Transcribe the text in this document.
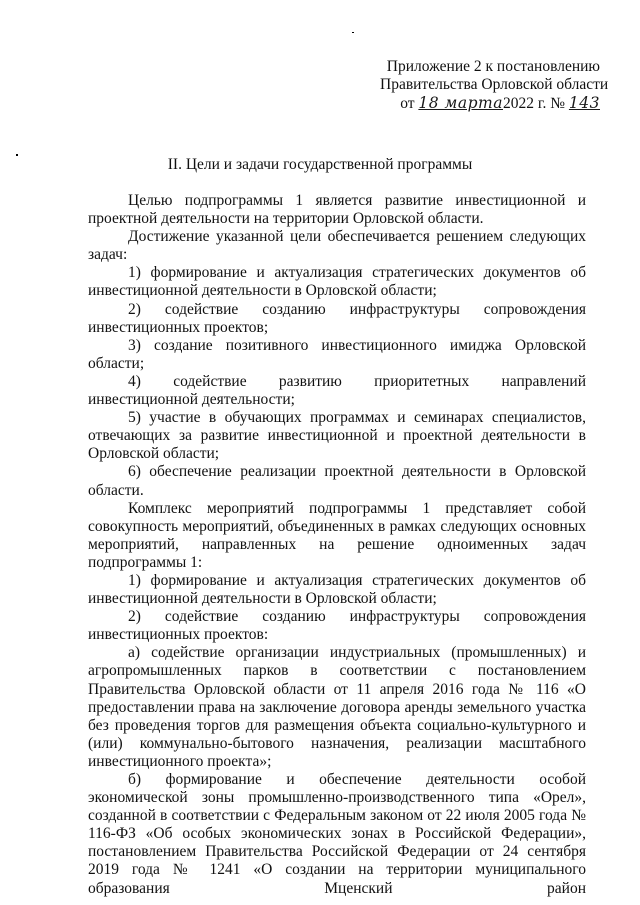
Приложение 2 к постановлению
Правительства Орловской области
от 18 марта2022 г. № 143
II. Цели и задачи государственной программы

Целью подпрограммы 1 является развитие инвестиционной и проектной деятельности на территории Орловской области.

Достижение указанной цели обеспечивается решением следующих задач:

1) формирование и актуализация стратегических документов об инвестиционной деятельности в Орловской области;

2) содействие созданию инфраструктуры сопровождения инвестиционных проектов;

3) создание позитивного инвестиционного имиджа Орловской области;

4) содействие развитию приоритетных направлений инвестиционной деятельности;

5) участие в обучающих программах и семинарах специалистов, отвечающих за развитие инвестиционной и проектной деятельности в Орловской области;

6) обеспечение реализации проектной деятельности в Орловской области.

Комплекс мероприятий подпрограммы 1 представляет собой совокупность мероприятий, объединенных в рамках следующих основных мероприятий, направленных на решение одноименных задач подпрограммы 1:

1) формирование и актуализация стратегических документов об инвестиционной деятельности в Орловской области;

2) содействие созданию инфраструктуры сопровождения инвестиционных проектов:

а) содействие организации индустриальных (промышленных) и агропромышленных парков в соответствии с постановлением Правительства Орловской области от 11 апреля 2016 года № 116 «О предоставлении права на заключение договора аренды земельного участка без проведения торгов для размещения объекта социально-культурного и (или) коммунально-бытового назначения, реализации масштабного инвестиционного проекта»;

б) формирование и обеспечение деятельности особой экономической зоны промышленно-производственного типа «Орел», созданной в соответствии с Федеральным законом от 22 июля 2005 года № 116-ФЗ «Об особых экономических зонах в Российской Федерации», постановлением Правительства Российской Федерации от 24 сентября 2019 года № 1241 «О создании на территории муниципального образования Мценский район
